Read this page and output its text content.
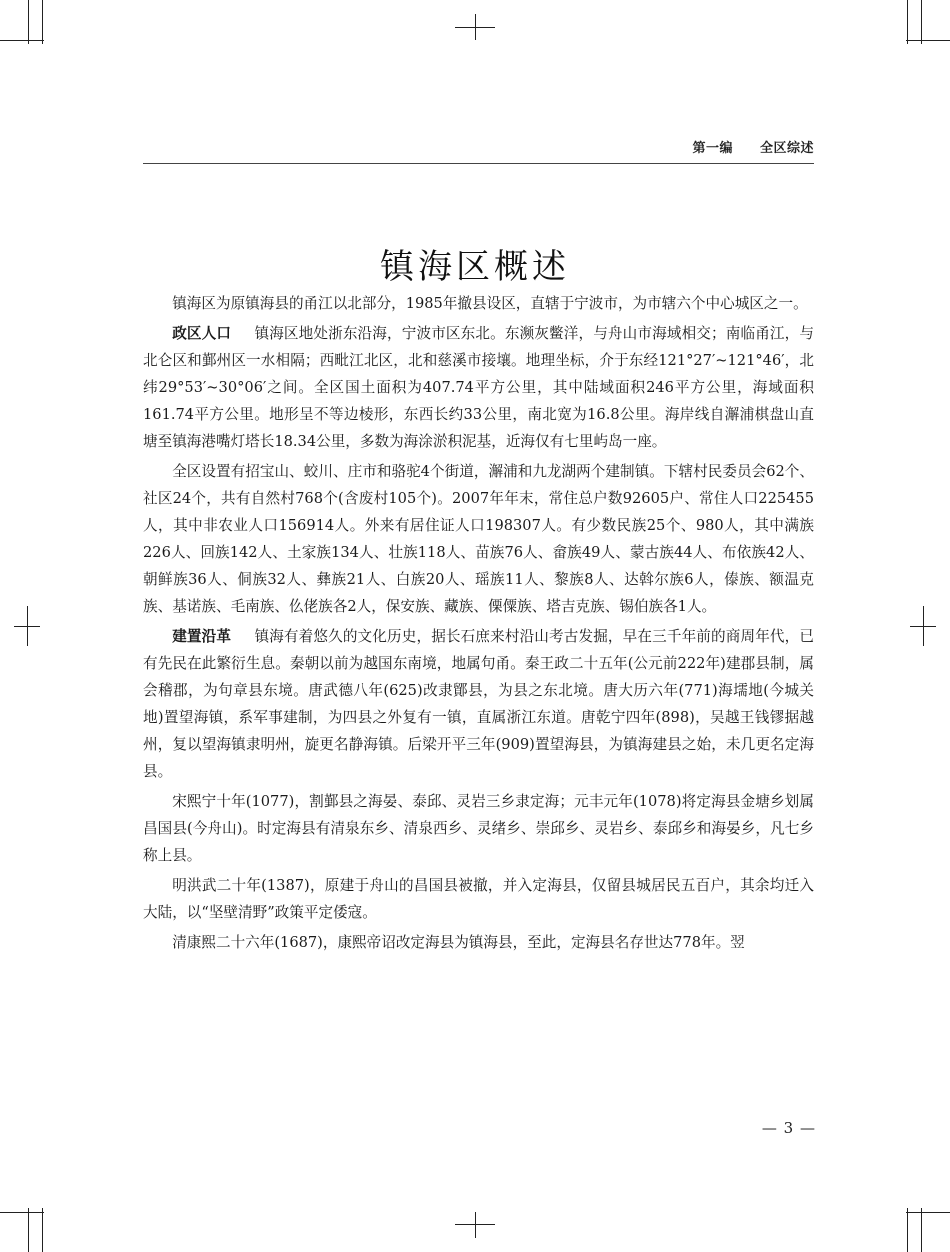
第一编 全区综述
镇海区概述

镇海区为原镇海县的甬江以北部分，1985年撤县设区，直辖于宁波市，为市辖六个中心城区之一。

政区人口 镇海区地处浙东沿海，宁波市区东北。东濒灰鳖洋，与舟山市海域相交；南临甬江，与北仑区和鄞州区一水相隔；西毗江北区，北和慈溪市接壤。地理坐标，介于东经121°27′~121°46′，北纬29°53′~30°06′之间。全区国土面积为407.74平方公里，其中陆域面积246平方公里，海域面积161.74平方公里。地形呈不等边棱形，东西长约33公里，南北宽为16.8公里。海岸线自澥浦棋盘山直塘至镇海港嘴灯塔长18.34公里，多数为海涂淤积泥基，近海仅有七里屿岛一座。

全区设置有招宝山、蛟川、庄市和骆驼4个街道，澥浦和九龙湖两个建制镇。下辖村民委员会62个、社区24个，共有自然村768个(含废村105个)。2007年年末，常住总户数92605户、常住人口225455人，其中非农业人口156914人。外来有居住证人口198307人。有少数民族25个、980人，其中满族226人、回族142人、土家族134人、壮族118人、苗族76人、畲族49人、蒙古族44人、布依族42人、朝鲜族36人、侗族32人、彝族21人、白族20人、瑶族11人、黎族8人、达斡尔族6人，傣族、额温克族、基诺族、毛南族、仫佬族各2人，保安族、藏族、傈僳族、塔吉克族、锡伯族各1人。

建置沿革 镇海有着悠久的文化历史，据长石庶来村沿山考古发掘，早在三千年前的商周年代，已有先民在此繁衍生息。秦朝以前为越国东南境，地属句甬。秦王政二十五年(公元前222年)建郡县制，属会稽郡，为句章县东境。唐武德八年(625)改隶鄮县，为县之东北境。唐大历六年(771)海壖地(今城关地)置望海镇，系军事建制，为四县之外复有一镇，直属浙江东道。唐乾宁四年(898)，吴越王钱镠据越州，复以望海镇隶明州，旋更名静海镇。后梁开平三年(909)置望海县，为镇海建县之始，未几更名定海县。

宋熙宁十年(1077)，割鄞县之海晏、泰邱、灵岩三乡隶定海；元丰元年(1078)将定海县金塘乡划属昌国县(今舟山)。时定海县有清泉东乡、清泉西乡、灵绪乡、崇邱乡、灵岩乡、泰邱乡和海晏乡，凡七乡称上县。

明洪武二十年(1387)，原建于舟山的昌国县被撤，并入定海县，仅留县城居民五百户，其余均迁入大陆，以“坚壁清野”政策平定倭寇。

清康熙二十六年(1687)，康熙帝诏改定海县为镇海县，至此，定海县名存世达778年。翌

— 3 —
